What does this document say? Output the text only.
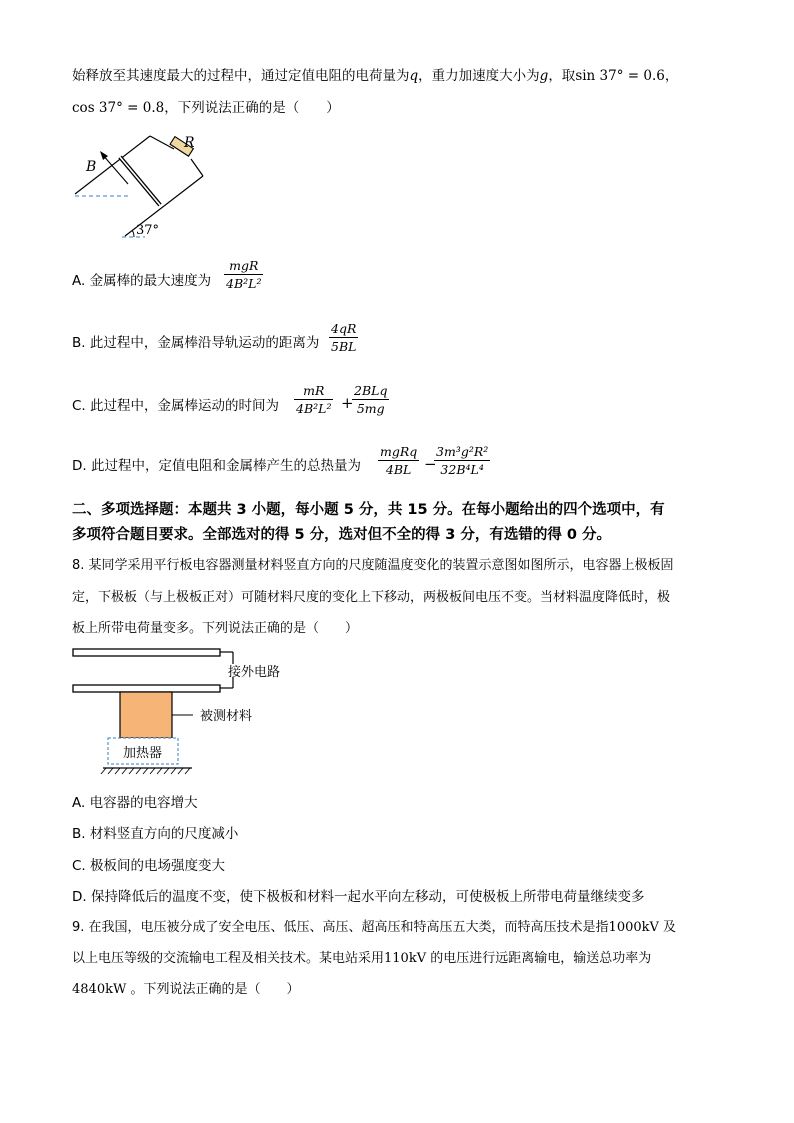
始释放至其速度最大的过程中，通过定值电阻的电荷量为q，重力加速度大小为g，取sin 37° = 0.6，
cos 37° = 0.8，下列说法正确的是（　　）
R
B
37°
A. 金属棒的最大速度为
mgR
4B²L²
B. 此过程中，金属棒沿导轨运动的距离为
4qR
5BL
C. 此过程中，金属棒运动的时间为
mR
4B²L² +
2BLq
5mg
D. 此过程中，定值电阻和金属棒产生的总热量为
mgRq
4BL −
3m³g²R²
32B⁴L⁴
二、多项选择题：本题共 3 小题，每小题 5 分，共 15 分。在每小题给出的四个选项中，有
多项符合题目要求。全部选对的得 5 分，选对但不全的得 3 分，有选错的得 0 分。
8. 某同学采用平行板电容器测量材料竖直方向的尺度随温度变化的装置示意图如图所示，电容器上极板固
定，下极板（与上极板正对）可随材料尺度的变化上下移动，两极板间电压不变。当材料温度降低时，极
板上所带电荷量变多。下列说法正确的是（　　）
接外电路
被测材料
加热器
A. 电容器的电容增大
B. 材料竖直方向的尺度减小
C. 极板间的电场强度变大
D. 保持降低后的温度不变，使下极板和材料一起水平向左移动，可使极板上所带电荷量继续变多
9. 在我国，电压被分成了安全电压、低压、高压、超高压和特高压五大类，而特高压技术是指1000kV 及
以上电压等级的交流输电工程及相关技术。某电站采用110kV 的电压进行远距离输电，输送总功率为
4840kW 。下列说法正确的是（　　）
